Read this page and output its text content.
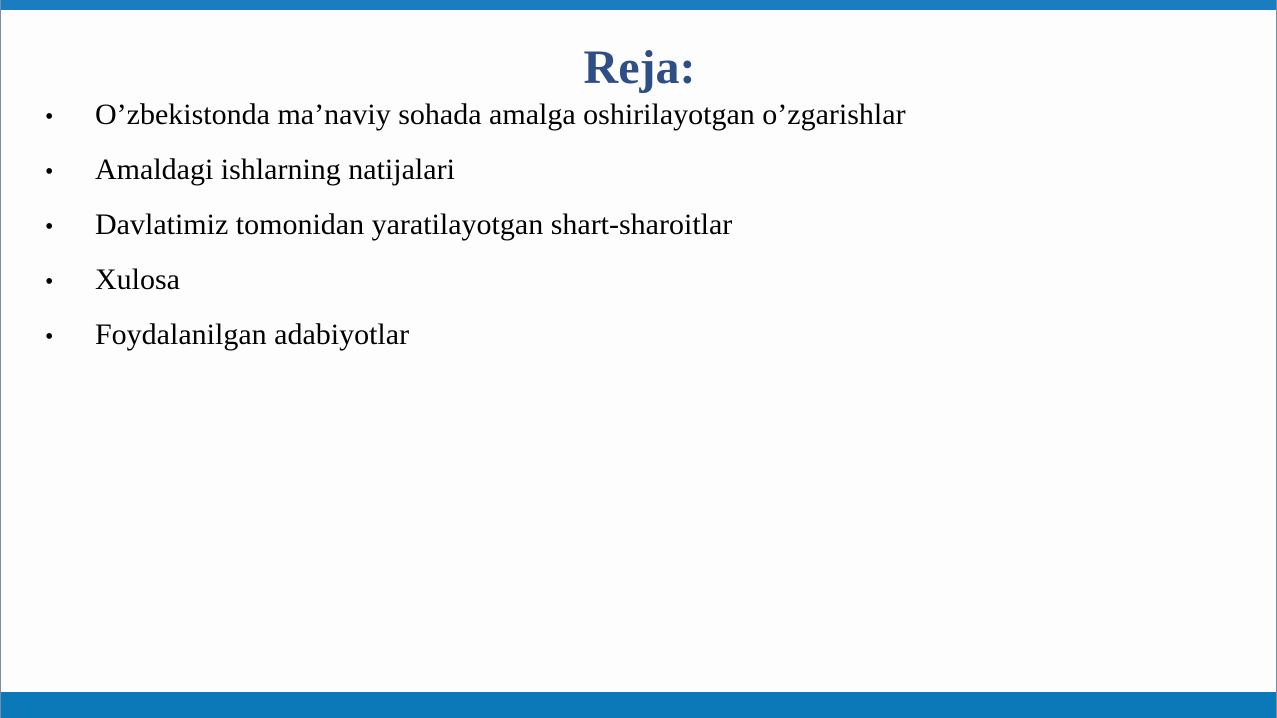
Reja:
•	O’zbekistonda ma’naviy sohada amalga oshirilayotgan o’zgarishlar
•	Amaldagi ishlarning natijalari
•	Davlatimiz tomonidan yaratilayotgan shart-sharoitlar
•	Xulosa
•	Foydalanilgan adabiyotlar
